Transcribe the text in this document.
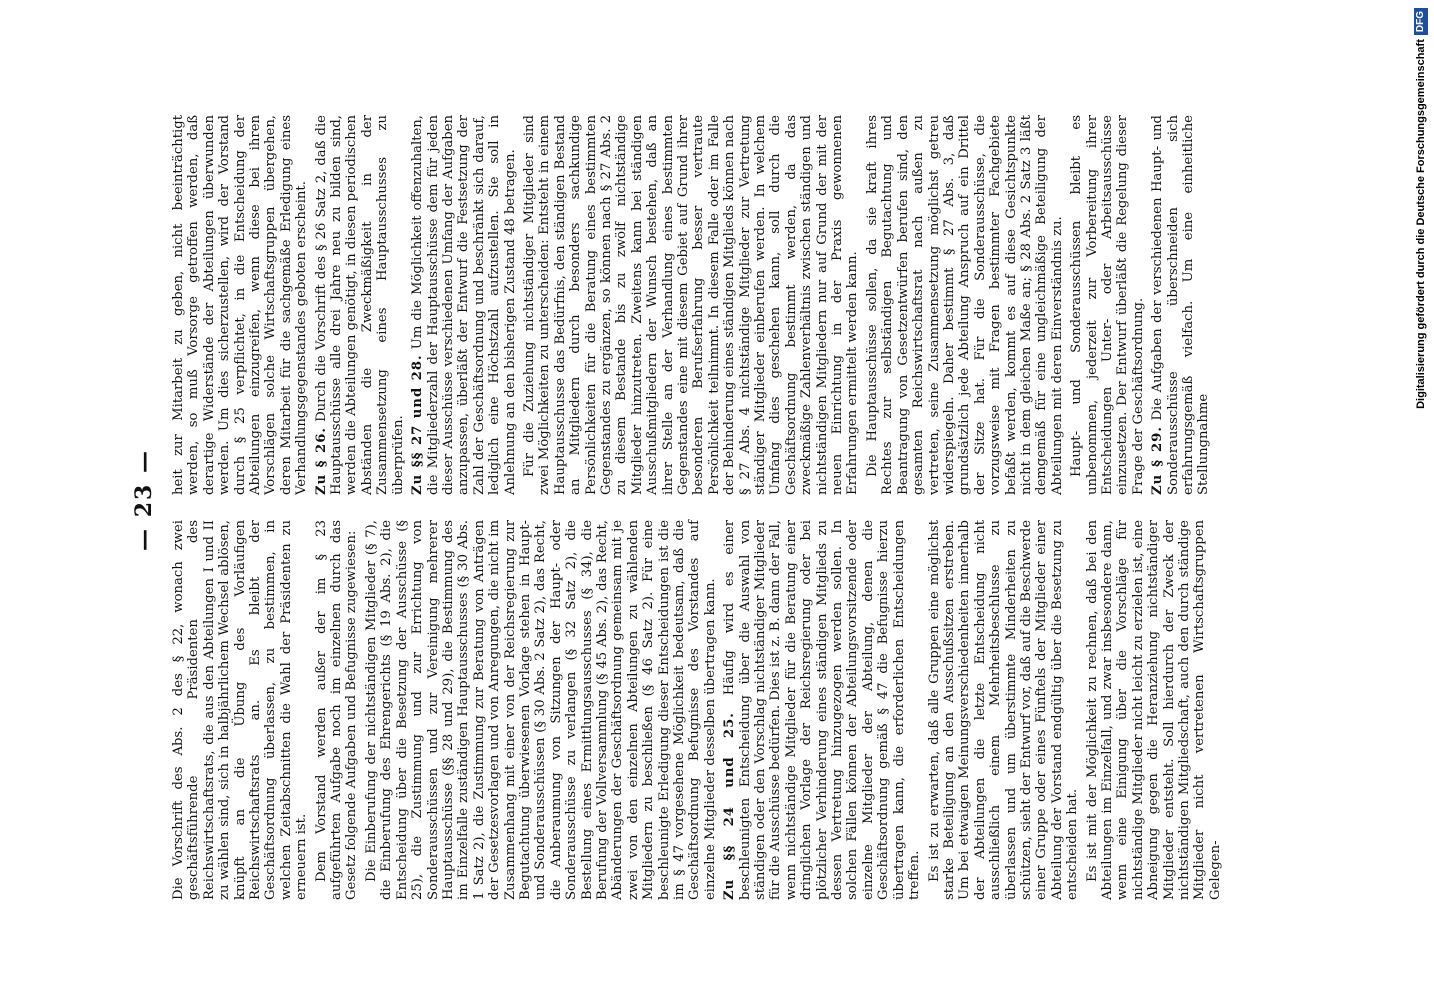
— 23 —

Die Vorschrift des Abs. 2 des § 22, wonach zwei geschäftsführende Präsidenten des Reichswirtschaftsrats, die aus den Abteilungen I und II zu wählen sind, sich in halbjährlichem Wechsel ablösen, knüpft an die Übung des Vorläufigen Reichswirtschaftsrats an. Es bleibt der Geschäftsordnung überlassen, zu bestimmen, in welchen Zeitabschnitten die Wahl der Präsidenten zu erneuern ist. Dem Vorstand werden außer der im § 23 aufgeführten Aufgabe noch im einzelnen durch das Gesetz folgende Aufgaben und Befugnisse zugewiesen: Die Einberufung der nichtständigen Mitglieder (§ 7), die Einberufung des Ehrengerichts (§ 19 Abs. 2), die Entscheidung über die Besetzung der Ausschüsse (§ 25), die Zustimmung und zur Errichtung von Sonderausschüssen und zur Vereinigung mehrerer Hauptausschüsse (§§ 28 und 29), die Bestimmung des im Einzelfalle zuständigen Hauptausschusses (§ 30 Abs. 1 Satz 2), die Zustimmung zur Beratung von Anträgen der Gesetzesvorlagen und von Anregungen, die nicht im Zusammenhang mit einer von der Reichsregierung zur Begutachtung überwiesenen Vorlage stehen in Haupt- und Sonderausschüssen (§ 30 Abs. 2 Satz 2), das Recht, die Anberaumung von Sitzungen der Haupt- oder Sonderausschüsse zu verlangen (§ 32 Satz 2), die Bestellung eines Ermittlungsausschusses (§ 34), die Berufung der Vollversammlung (§ 45 Abs. 2), das Recht, Abänderungen der Geschäftsordnung gemeinsam mit je zwei von den einzelnen Abteilungen zu wählenden Mitgliedern zu beschließen (§ 46 Satz 2). Für eine beschleunigte Erledigung dieser Entscheidungen ist die im § 47 vorgesehene Möglichkeit bedeutsam, daß die Geschäftsordnung Befugnisse des Vorstandes auf einzelne Mitglieder desselben übertragen kann. Zu §§ 24 und 25. Häufig wird es einer beschleunigten Entscheidung über die Auswahl von ständigen oder den Vorschlag nichtständiger Mitglieder für die Ausschüsse bedürfen. Dies ist z. B. dann der Fall, wenn nichtständige Mitglieder für die Beratung einer dringlichen Vorlage der Reichsregierung oder bei plötzlicher Verhinderung eines ständigen Mitglieds zu dessen Vertretung hinzugezogen werden sollen. In solchen Fällen können der Abteilungsvorsitzende oder einzelne Mitglieder der Abteilung, denen die Geschäftsordnung gemäß § 47 die Befugnisse hierzu übertragen kann, die erforderlichen Entscheidungen treffen. Es ist zu erwarten, daß alle Gruppen eine möglichst starke Beteiligung an den Ausschußsitzen erstreben. Um bei etwaigen Meinungsverschiedenheiten innerhalb der Abteilungen die letzte Entscheidung nicht ausschließlich einem Mehrheitsbeschlusse zu überlassen und um überstimmte Minderheiten zu schützen, sieht der Entwurf vor, daß auf die Beschwerde einer Gruppe oder eines Fünftels der Mitglieder einer Abteilung der Vorstand endgültig über die Besetzung zu entscheiden hat. Es ist mit der Möglichkeit zu rechnen, daß bei den Abteilungen im Einzelfall, und zwar insbesondere dann, wenn eine Einigung über die Vorschläge für nichtständige Mitglieder nicht leicht zu erzielen ist, eine Abneigung gegen die Heranziehung nichtständiger Mitglieder entsteht. Soll hierdurch der Zweck der nichtständigen Mitgliedschaft, auch den durch ständige Mitglieder nicht vertretenen Wirtschaftsgruppen Gelegen-

heit zur Mitarbeit zu geben, nicht beeinträchtigt werden, so muß Vorsorge getroffen werden, daß derartige Widerstände der Abteilungen überwunden werden. Um dies sicherzustellen, wird der Vorstand durch § 25 verpflichtet, in die Entscheidung der Abteilungen einzugreifen, wenn diese bei ihren Vorschlägen solche Wirtschaftsgruppen übergehen, deren Mitarbeit für die sachgemäße Erledigung eines Verhandlungsgegenstandes geboten erscheint. Zu § 26. Durch die Vorschrift des § 26 Satz 2, daß die Hauptausschüsse alle drei Jahre neu zu bilden sind, werden die Abteilungen genötigt, in diesen periodischen Abständen die Zweckmäßigkeit in der Zusammensetzung eines Hauptausschusses zu überprüfen. Zu §§ 27 und 28. Um die Möglichkeit offenzuhalten, die Mitgliederzahl der Hauptausschüsse dem für jeden dieser Ausschüsse verschiedenen Umfang der Aufgaben anzupassen, überläßt der Entwurf die Festsetzung der Zahl der Geschäftsordnung und beschränkt sich darauf, lediglich eine Höchstzahl aufzustellen. Sie soll in Anlehnung an den bisherigen Zustand 48 betragen. Für die Zuziehung nichtständiger Mitglieder sind zwei Möglichkeiten zu unterscheiden: Entsteht in einem Hauptausschusse das Bedürfnis, den ständigen Bestand an Mitgliedern durch besonders sachkundige Persönlichkeiten für die Beratung eines bestimmten Gegenstandes zu ergänzen, so können nach § 27 Abs. 2 zu diesem Bestande bis zu zwölf nichtständige Mitglieder hinzutreten. Zweitens kann bei ständigen Ausschußmitgliedern der Wunsch bestehen, daß an ihrer Stelle an der Verhandlung eines bestimmten Gegenstandes eine mit diesem Gebiet auf Grund ihrer besonderen Berufserfahrung besser vertraute Persönlichkeit teilnimmt. In diesem Falle oder im Falle der Behinderung eines ständigen Mitglieds können nach § 27 Abs. 4 nichtständige Mitglieder zur Vertretung ständiger Mitglieder einberufen werden. In welchem Umfang dies geschehen kann, soll durch die Geschäftsordnung bestimmt werden, da das zweckmäßige Zahlenverhältnis zwischen ständigen und nichtständigen Mitgliedern nur auf Grund der mit der neuen Einrichtung in der Praxis gewonnenen Erfahrungen ermittelt werden kann. Die Hauptausschüsse sollen, da sie kraft ihres Rechtes zur selbständigen Begutachtung und Beantragung von Gesetzentwürfen berufen sind, den gesamten Reichswirtschaftsrat nach außen zu vertreten, seine Zusammensetzung möglichst getreu widerspiegeln. Daher bestimmt § 27 Abs. 3, daß grundsätzlich jede Abteilung Anspruch auf ein Drittel der Sitze hat. Für die Sonderausschüsse, die vorzugsweise mit Fragen bestimmter Fachgebiete befaßt werden, kommt es auf diese Gesichtspunkte nicht in dem gleichen Maße an; § 28 Abs. 2 Satz 3 läßt demgemäß für eine ungleichmäßige Beteiligung der Abteilungen mit deren Einverständnis zu. Haupt- und Sonderausschüssen bleibt es unbenommen, jederzeit zur Vorbereitung ihrer Entscheidungen Unter- oder Arbeitsausschüsse einzusetzen. Der Entwurf überläßt die Regelung dieser Frage der Geschäftsordnung. Zu § 29. Die Aufgaben der verschiedenen Haupt- und Sonderausschüsse überschneiden sich erfahrungsgemäß vielfach. Um eine einheitliche Stellungnahme

Digitalisierung gefördert durch die Deutsche ForschungsgemeinschaftDFG
